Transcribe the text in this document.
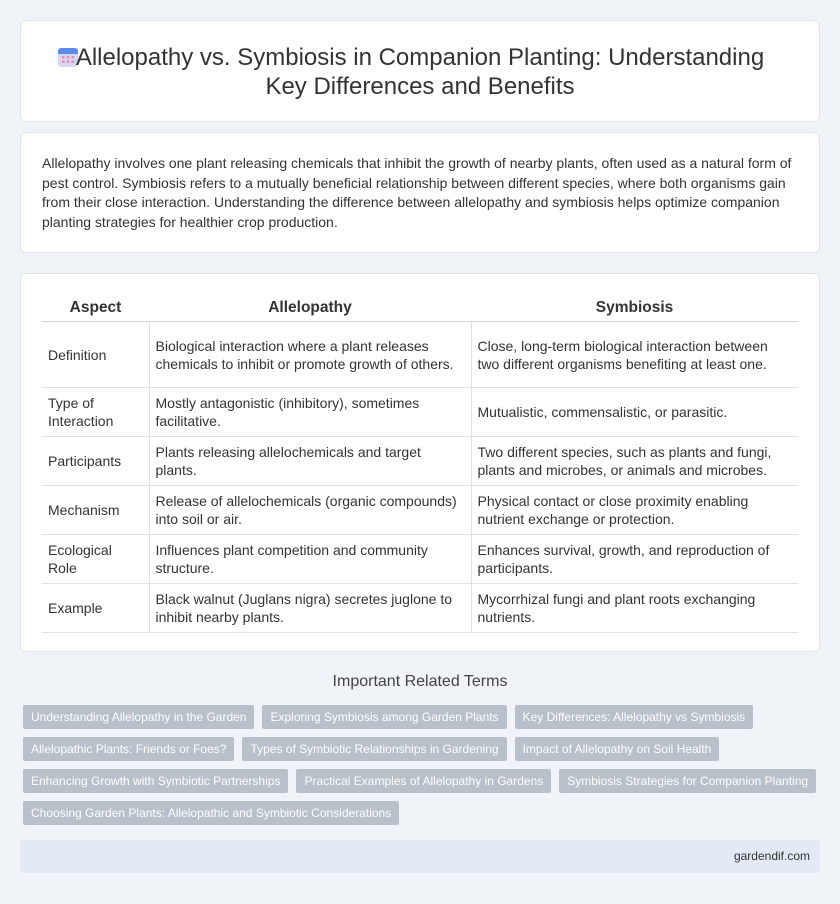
Allelopathy vs. Symbiosis in Companion Planting: Understanding Key Differences and Benefits

Allelopathy involves one plant releasing chemicals that inhibit the growth of nearby plants, often used as a natural form of pest control. Symbiosis refers to a mutually beneficial relationship between different species, where both organisms gain from their close interaction. Understanding the difference between allelopathy and symbiosis helps optimize companion planting strategies for healthier crop production.

Aspect	Allelopathy	Symbiosis
Definition	Biological interaction where a plant releases chemicals to inhibit or promote growth of others.	Close, long-term biological interaction between two different organisms benefiting at least one.
Type of Interaction	Mostly antagonistic (inhibitory), sometimes facilitative.	Mutualistic, commensalistic, or parasitic.
Participants	Plants releasing allelochemicals and target plants.	Two different species, such as plants and fungi, plants and microbes, or animals and microbes.
Mechanism	Release of allelochemicals (organic compounds) into soil or air.	Physical contact or close proximity enabling nutrient exchange or protection.
Ecological Role	Influences plant competition and community structure.	Enhances survival, growth, and reproduction of participants.
Example	Black walnut (Juglans nigra) secretes juglone to inhibit nearby plants.	Mycorrhizal fungi and plant roots exchanging nutrients.
Important Related Terms
Understanding Allelopathy in the Garden	Exploring Symbiosis among Garden Plants	Key Differences: Allelopathy vs Symbiosis
Allelopathic Plants: Friends or Foes?	Types of Symbiotic Relationships in Gardening	Impact of Allelopathy on Soil Health
Enhancing Growth with Symbiotic Partnerships	Practical Examples of Allelopathy in Gardens	Symbiosis Strategies for Companion Planting
Choosing Garden Plants: Allelopathic and Symbiotic Considerations
gardendif.com
